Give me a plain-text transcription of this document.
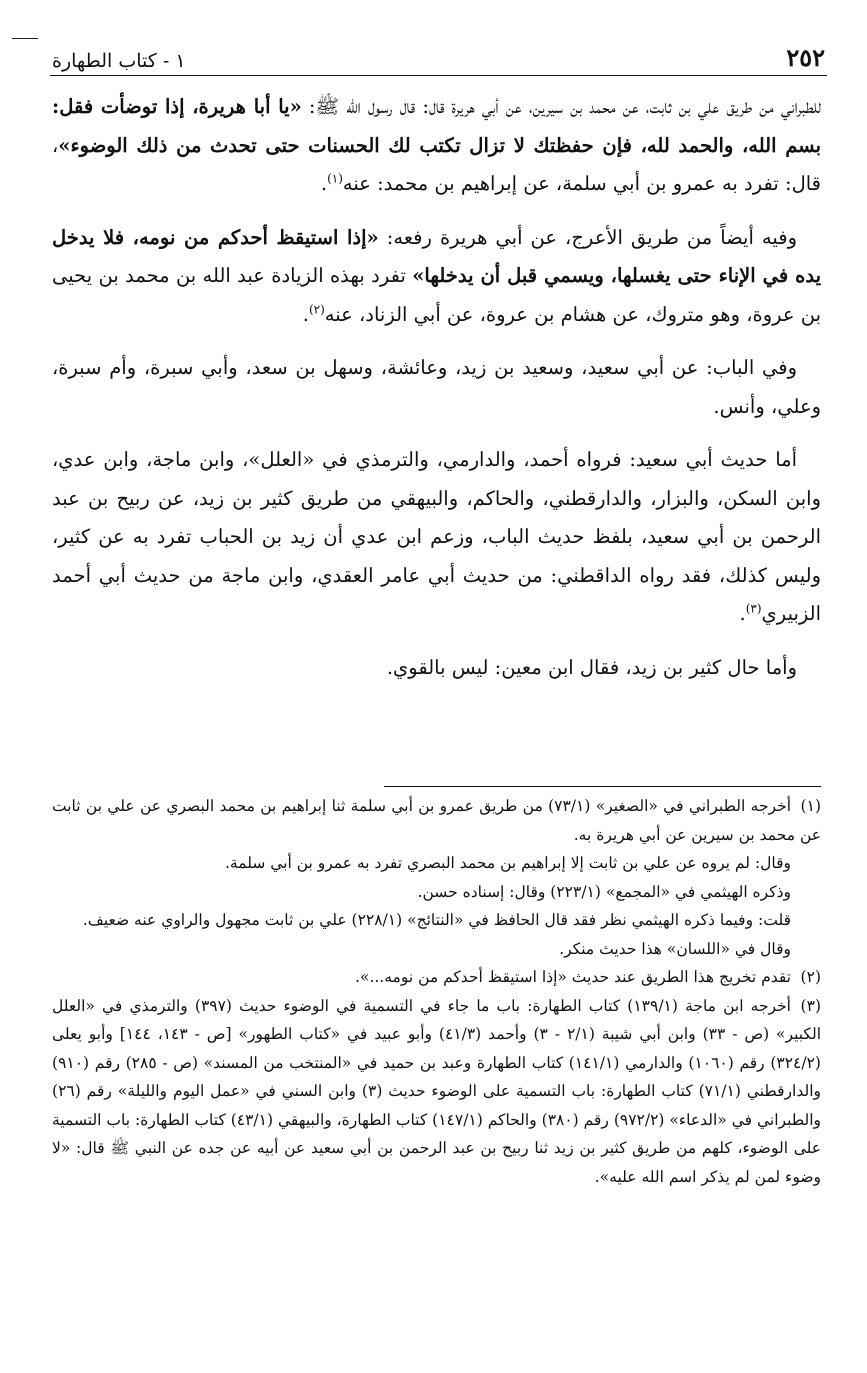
٢٥٢
١ - كتاب الطهارة

للطبراني من طريق علي بن ثابت، عن محمد بن سيرين، عن أبي هريرة قال: قال رسول الله ﷺ: «يا أبا هريرة، إذا توضأت فقل: بسم الله، والحمد لله، فإن حفظتك لا تزال تكتب لك الحسنات حتى تحدث من ذلك الوضوء»، قال: تفرد به عمرو بن أبي سلمة، عن إبراهيم بن محمد: عنه$^{(١)}$.

وفيه أيضاً من طريق الأعرج، عن أبي هريرة رفعه: «إذا استيقظ أحدكم من نومه، فلا يدخل يده في الإناء حتى يغسلها، ويسمي قبل أن يدخلها» تفرد بهذه الزيادة عبد الله بن محمد بن يحيى بن عروة، وهو متروك، عن هشام بن عروة، عن أبي الزناد، عنه$^{(٢)}$.

وفي الباب: عن أبي سعيد، وسعيد بن زيد، وعائشة، وسهل بن سعد، وأبي سبرة، وأم سبرة، وعلي، وأنس.

أما حديث أبي سعيد: فرواه أحمد، والدارمي، والترمذي في «العلل»، وابن ماجة، وابن عدي، وابن السكن، والبزار، والدارقطني، والحاكم، والبيهقي من طريق كثير بن زيد، عن ربيح بن عبد الرحمن بن أبي سعيد، بلفظ حديث الباب، وزعم ابن عدي أن زيد بن الحباب تفرد به عن كثير، وليس كذلك، فقد رواه الداقطني: من حديث أبي عامر العقدي، وابن ماجة من حديث أبي أحمد الزبيري$^{(٣)}$.

وأما حال كثير بن زيد، فقال ابن معين: ليس بالقوي.

(١)أخرجه الطبراني في «الصغير» (٧٣/١) من طريق عمرو بن أبي سلمة ثنا إبراهيم بن محمد البصري عن علي بن ثابت عن محمد بن سيرين عن أبي هريرة به.

وقال: لم يروه عن علي بن ثابت إلا إبراهيم بن محمد البصري تفرد به عمرو بن أبي سلمة.

وذكره الهيثمي في «المجمع» (٢٢٣/١) وقال: إسناده حسن.

قلت: وفيما ذكره الهيثمي نظر فقد قال الحافظ في «النتائج» (٢٢٨/١) علي بن ثابت مجهول والراوي عنه ضعيف.

وقال في «اللسان» هذا حديث منكر.

(٢)تقدم تخريج هذا الطريق عند حديث «إذا استيقظ أحدكم من نومه...».

(٣)أخرجه ابن ماجة (١٣٩/١) كتاب الطهارة: باب ما جاء في التسمية في الوضوء حديث (٣٩٧) والترمذي في «العلل الكبير» (ص - ٣٣) وابن أبي شيبة (٢/١ - ٣) وأحمد (٤١/٣) وأبو عبيد في «كتاب الطهور» [ص - ١٤٣، ١٤٤] وأبو يعلى (٣٢٤/٢) رقم (١٠٦٠) والدارمي (١٤١/١) كتاب الطهارة وعبد بن حميد في «المنتخب من المسند» (ص - ٢٨٥) رقم (٩١٠) والدارقطني (٧١/١) كتاب الطهارة: باب التسمية على الوضوء حديث (٣) وابن السني في «عمل اليوم والليلة» رقم (٢٦) والطبراني في «الدعاء» (٩٧٢/٢) رقم (٣٨٠) والحاكم (١٤٧/١) كتاب الطهارة، والبيهقي (٤٣/١) كتاب الطهارة: باب التسمية على الوضوء، كلهم من طريق كثير بن زيد ثنا ربيح بن عبد الرحمن بن أبي سعيد عن أبيه عن جده عن النبي ﷺ قال: «لا وضوء لمن لم يذكر اسم الله عليه».
